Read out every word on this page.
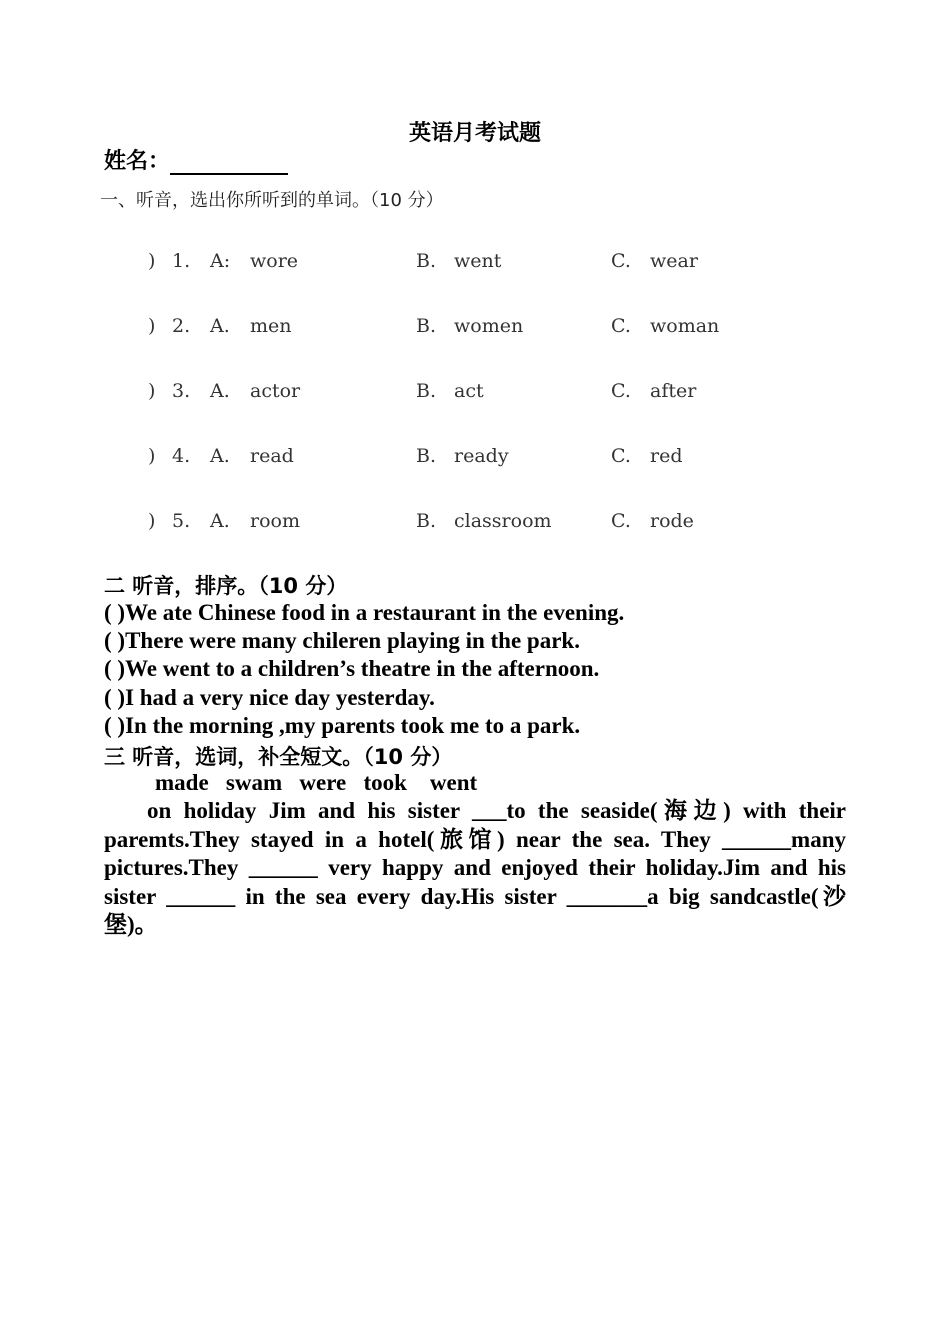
英语月考试题
姓名：
一、听音，选出你所听到的单词。（10 分）
) 1. A: wore	B. went	C. wear
) 2. A. men	B. women	C. woman
) 3. A. actor	B. act	C. after
) 4. A. read	B. ready	C. red
) 5. A. room	B. classroom	C. rode
二 听音，排序。（10 分）
( )We ate Chinese food in a restaurant in the evening.
( )There were many chileren playing in the park.
( )We went to a children’s theatre in the afternoon.
( )I had a very nice day yesterday.
( )In the morning ,my parents took me to a park.
三 听音，选词，补全短文。（10 分）
made   swam   were   took    went
on holiday Jim and his sister ___to the seaside(海边) with their paremts.They stayed in a hotel(旅馆) near the sea. They ______many pictures.They ______ very happy and enjoyed their holiday.Jim and his sister ______ in the sea every day.His sister _______a big sandcastle(沙堡)。
